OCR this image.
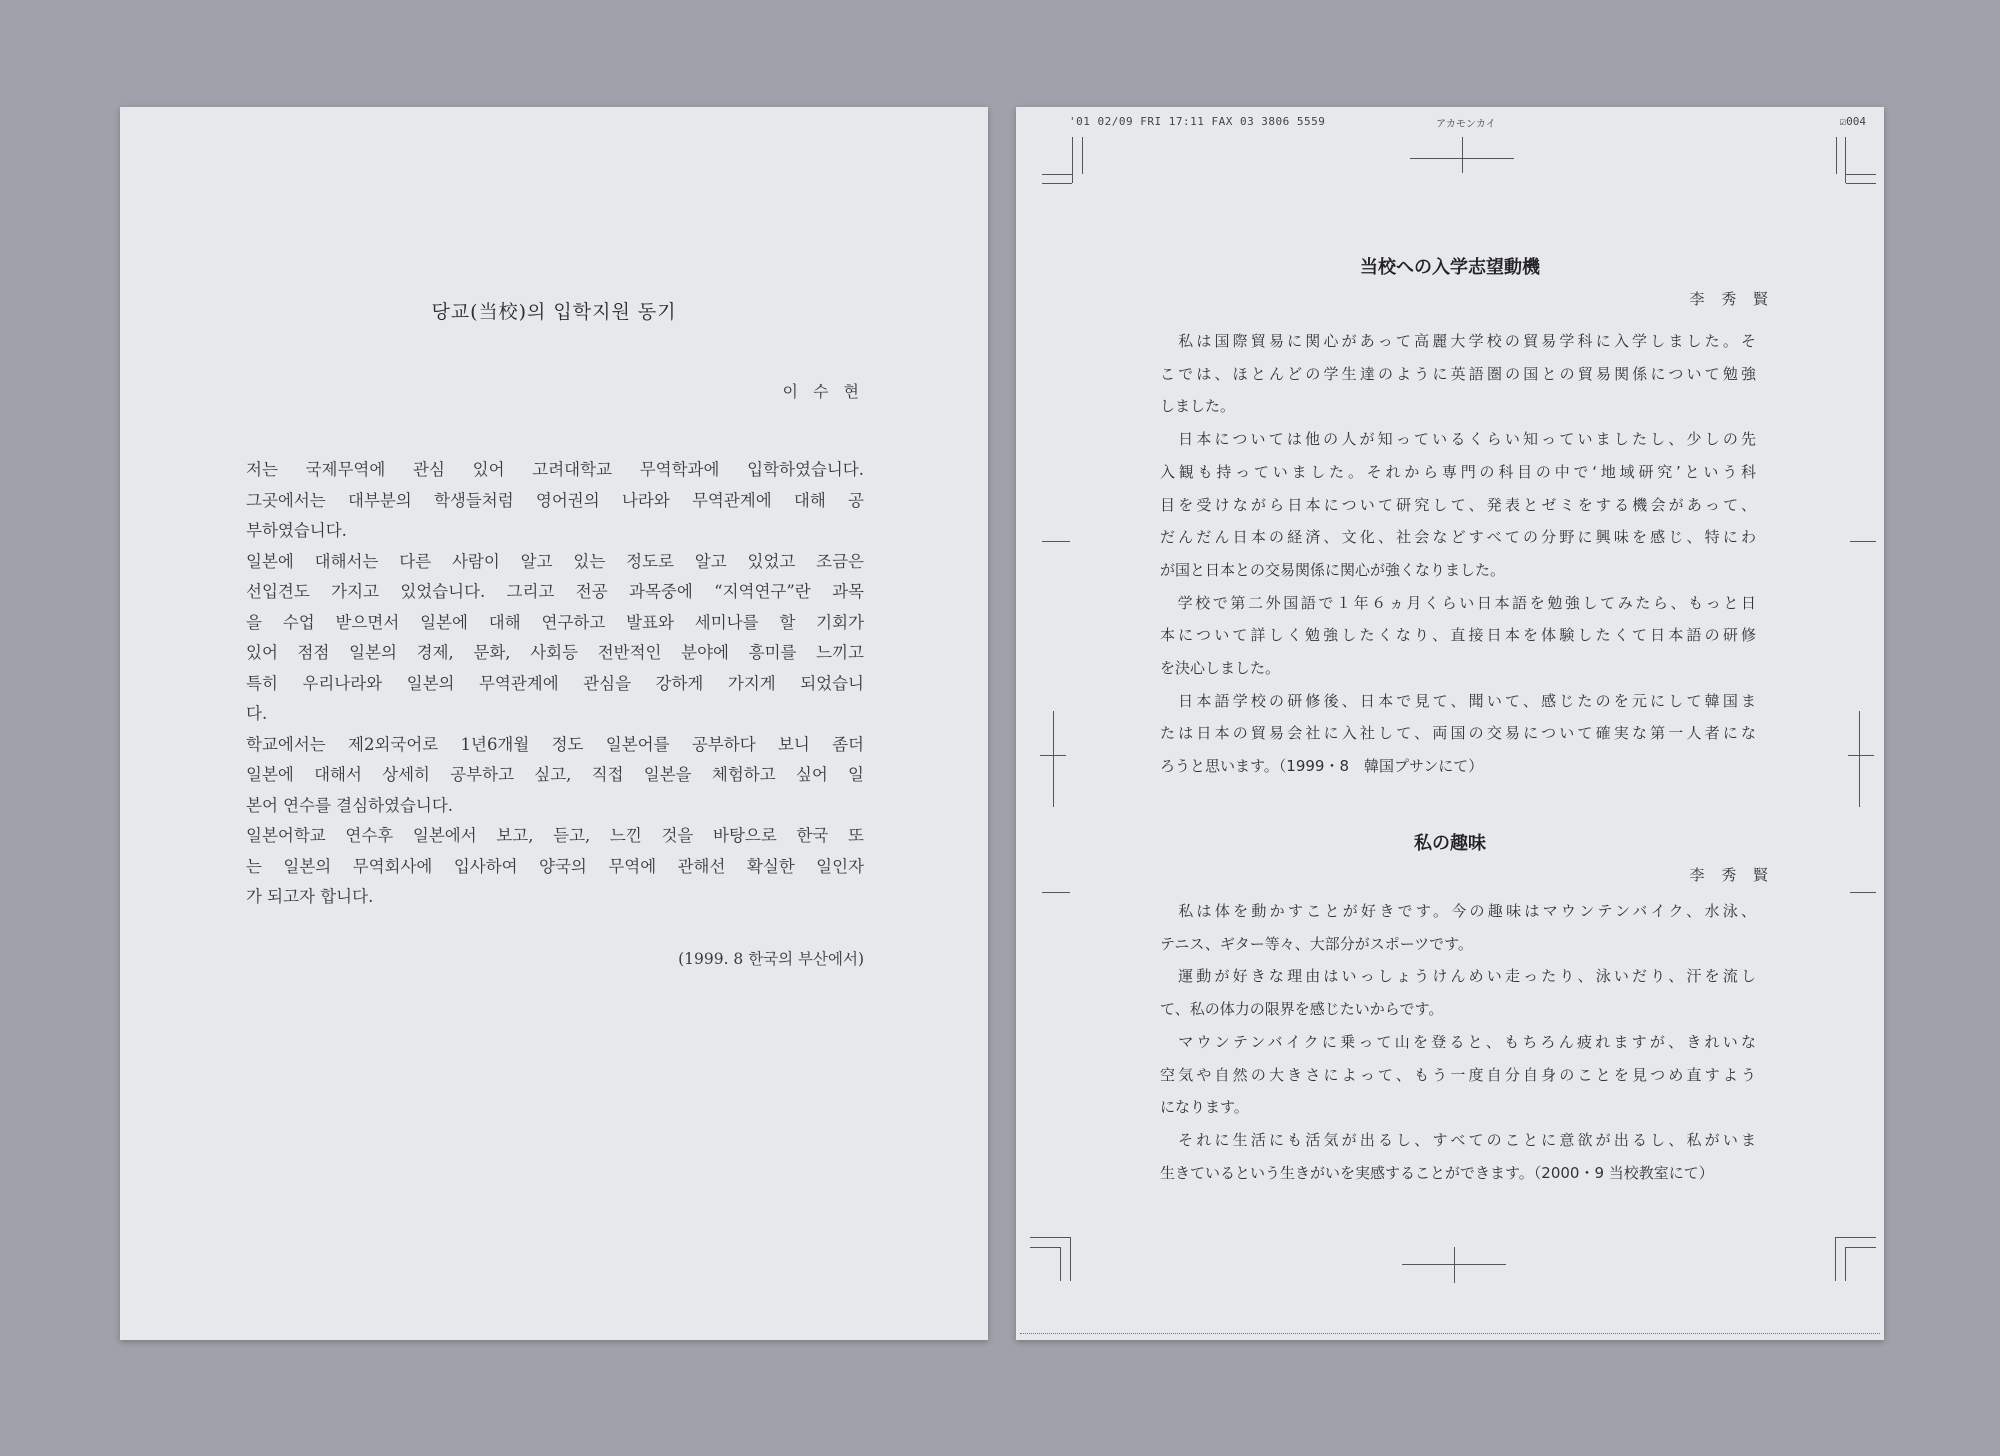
당교(当校)의 입학지원 동기
이 수 현
저는 국제무역에 관심 있어 고려대학교 무역학과에 입학하였습니다.
그곳에서는 대부분의 학생들처럼 영어권의 나라와 무역관계에 대해 공
부하였습니다.
일본에 대해서는 다른 사람이 알고 있는 정도로 알고 있었고 조금은
선입견도 가지고 있었습니다. 그리고 전공 과목중에 “지역연구”란 과목
을 수업 받으면서 일본에 대해 연구하고 발표와 세미나를 할 기회가
있어 점점 일본의 경제, 문화, 사회등 전반적인 분야에 흥미를 느끼고
특히 우리나라와 일본의 무역관계에 관심을 강하게 가지게 되었습니
다.
학교에서는 제2외국어로 1년6개월 정도 일본어를 공부하다 보니 좀더
일본에 대해서 상세히 공부하고 싶고, 직접 일본을 체험하고 싶어 일
본어 연수를 결심하였습니다.
일본어학교 연수후 일본에서 보고, 듣고, 느낀 것을 바탕으로 한국 또
는 일본의 무역회사에 입사하여 양국의 무역에 관해선 확실한 일인자
가 되고자 합니다.
(1999. 8 한국의 부산에서)
'01 02/09 FRI 17:11 FAX 03 3806 5559	アカモンカイ	☑004
当校への入学志望動機
李 秀 賢
　私は国際貿易に関心があって高麗大学校の貿易学科に入学しました。そ
こでは、ほとんどの学生達のように英語圏の国との貿易関係について勉強
しました。
　日本については他の人が知っているくらい知っていましたし、少しの先
入観も持っていました。それから専門の科目の中で‘地域研究’という科
目を受けながら日本について研究して、発表とゼミをする機会があって、
だんだん日本の経済、文化、社会などすべての分野に興味を感じ、特にわ
が国と日本との交易関係に関心が強くなりました。
　学校で第二外国語で１年６ヵ月くらい日本語を勉強してみたら、もっと日
本について詳しく勉強したくなり、直接日本を体験したくて日本語の研修
を決心しました。
　日本語学校の研修後、日本で見て、聞いて、感じたのを元にして韓国ま
たは日本の貿易会社に入社して、両国の交易について確実な第一人者にな
ろうと思います。（1999・8　韓国プサンにて）
私の趣味
李 秀 賢
　私は体を動かすことが好きです。今の趣味はマウンテンバイク、水泳、
テニス、ギター等々、大部分がスポーツです。
　運動が好きな理由はいっしょうけんめい走ったり、泳いだり、汗を流し
て、私の体力の限界を感じたいからです。
　マウンテンバイクに乗って山を登ると、もちろん疲れますが、きれいな
空気や自然の大きさによって、もう一度自分自身のことを見つめ直すよう
になります。
　それに生活にも活気が出るし、すべてのことに意欲が出るし、私がいま
生きているという生きがいを実感することができます。（2000・9 当校教室にて）
